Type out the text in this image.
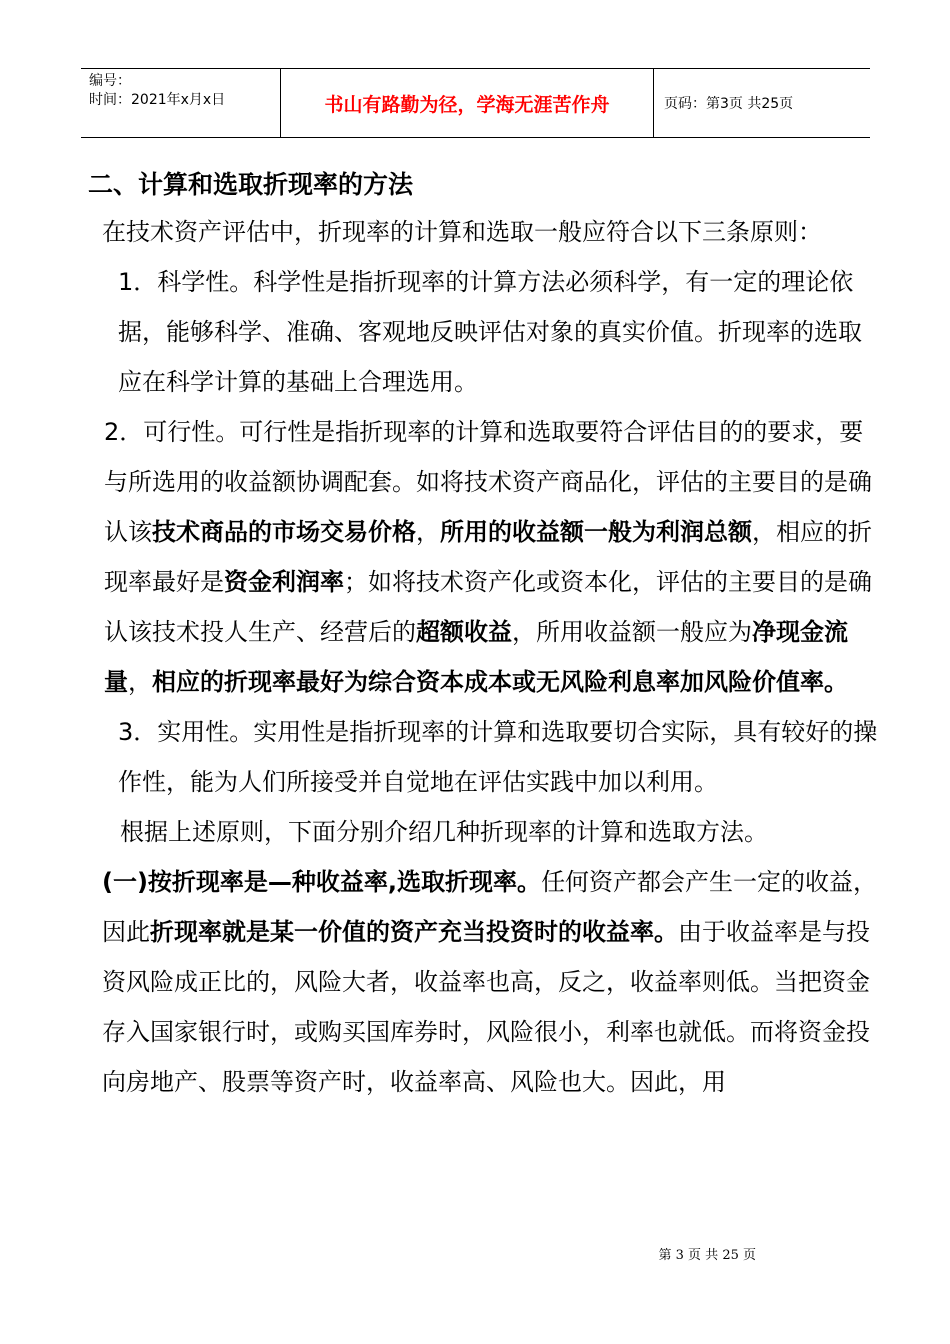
编号：
时间：2021年x月x日	书山有路勤为径，学海无涯苦作舟	页码：第3页 共25页

二、计算和选取折现率的方法

在技术资产评估中，折现率的计算和选取一般应符合以下三条原则：

1．科学性。科学性是指折现率的计算方法必须科学，有一定的理论依据，能够科学、准确、客观地反映评估对象的真实价值。折现率的选取应在科学计算的基础上合理选用。

2．可行性。可行性是指折现率的计算和选取要符合评估目的的要求，要与所选用的收益额协调配套。如将技术资产商品化，评估的主要目的是确认该技术商品的市场交易价格，所用的收益额一般为利润总额，相应的折现率最好是资金利润率；如将技术资产化或资本化，评估的主要目的是确认该技术投人生产、经营后的超额收益，所用收益额一般应为净现金流量，相应的折现率最好为综合资本成本或无风险利息率加风险价值率。

3．实用性。实用性是指折现率的计算和选取要切合实际，具有较好的操作性，能为人们所接受并自觉地在评估实践中加以利用。

根据上述原则，下面分别介绍几种折现率的计算和选取方法。

(一)按折现率是—种收益率,选取折现率。任何资产都会产生一定的收益，因此折现率就是某一价值的资产充当投资时的收益率。由于收益率是与投资风险成正比的，风险大者，收益率也高，反之，收益率则低。当把资金存入国家银行时，或购买国库券时，风险很小，利率也就低。而将资金投向房地产、股票等资产时，收益率高、风险也大。因此，用

第 3 页 共 25 页
